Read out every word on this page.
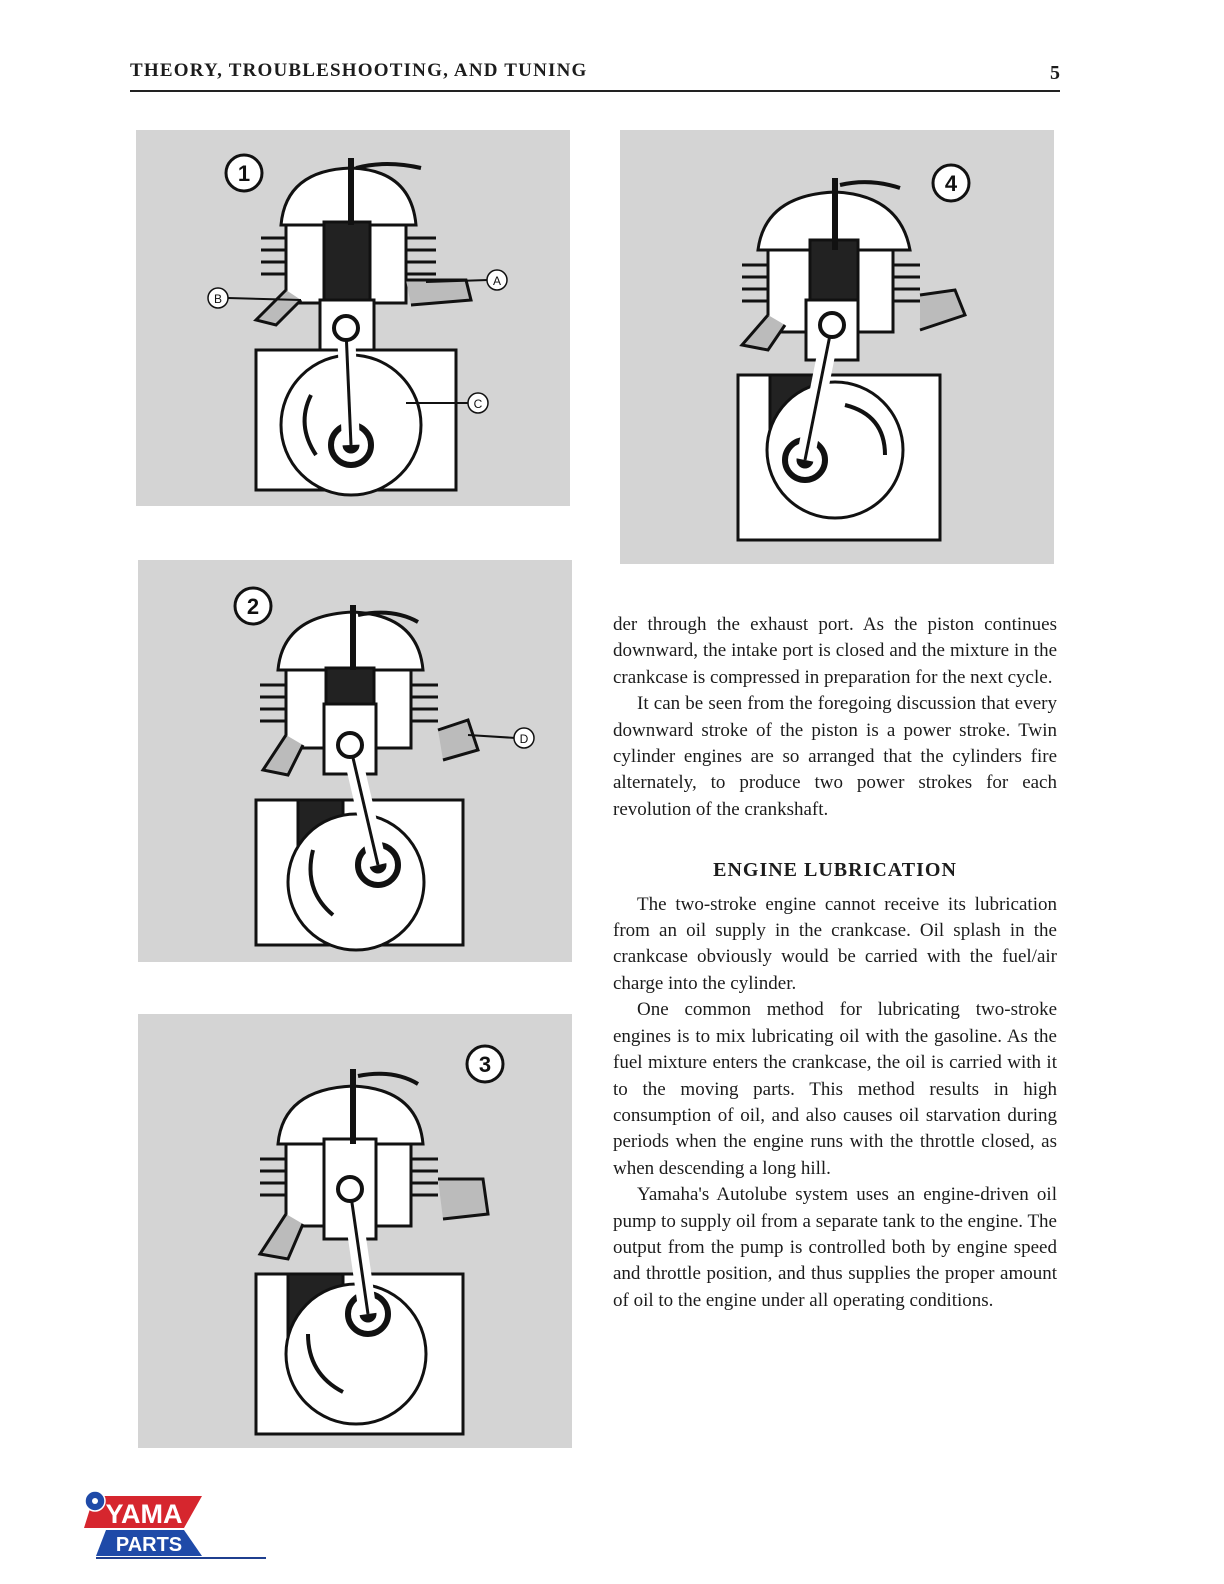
THEORY, TROUBLESHOOTING, AND TUNING	5
1
A
B
C
2
D
3
4

der through the exhaust port. As the piston continues downward, the intake port is closed and the mixture in the crankcase is compressed in preparation for the next cycle.

It can be seen from the foregoing discussion that every downward stroke of the piston is a power stroke. Twin cylinder engines are so arranged that the cylinders fire alternately, to produce two power strokes for each revolution of the crankshaft.

ENGINE LUBRICATION

The two-stroke engine cannot receive its lubrication from an oil supply in the crankcase. Oil splash in the crankcase obviously would be carried with the fuel/air charge into the cylinder.

One common method for lubricating two-stroke engines is to mix lubricating oil with the gasoline. As the fuel mixture enters the crankcase, the oil is carried with it to the moving parts. This method results in high consumption of oil, and also causes oil starvation during periods when the engine runs with the throttle closed, as when descending a long hill.

Yamaha's Autolube system uses an engine-driven oil pump to supply oil from a separate tank to the engine. The output from the pump is controlled both by engine speed and throttle position, and thus supplies the proper amount of oil to the engine under all operating conditions.

YAMA
PARTS
